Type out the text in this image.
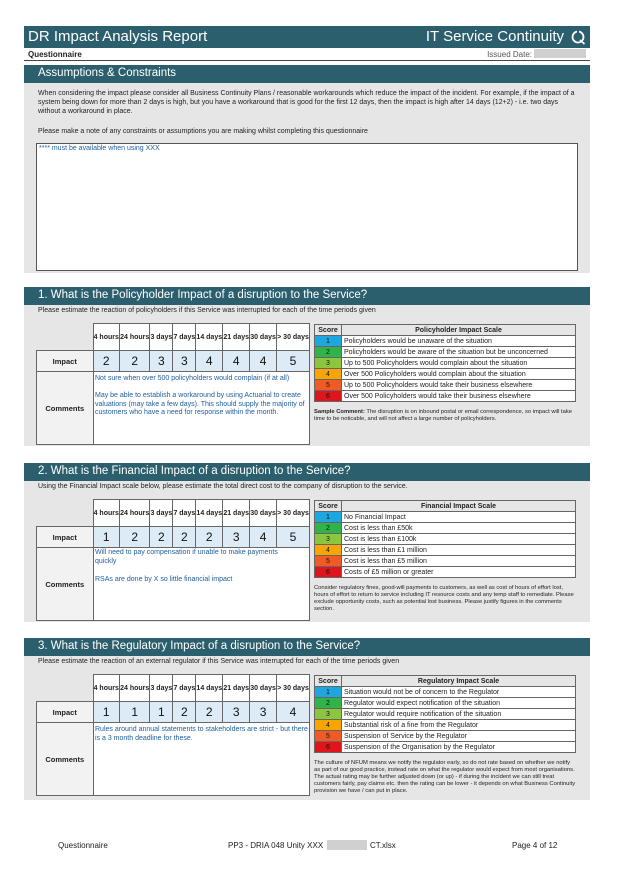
DR Impact Analysis Report	IT Service Continuity
Questionnaire	Issued Date:
Assumptions & Constraints
When considering the impact please consider all Business Continuity Plans / reasonable workarounds which reduce the impact of the incident. For example, if the impact of a system being down for more than 2 days is high, but you have a workaround that is good for the first 12 days, then the impact is high after 14 days (12+2) - i.e. two days without a workaround in place.
Please make a note of any constraints or assumptions you are making whilst completing this questionnaire
**** must be available when using XXX
1. What is the Policyholder Impact of a disruption to the Service?
Please estimate the reaction of policyholders if this Service was interrupted for each of the time periods given
	4 hours	24 hours	3 days	7 days	14 days	21 days	30 days	> 30 days
Impact	2	2	3	3	4	4	4	5
Comments								
Not sure when over 500 policyholders would complain (if at all)
May be able to establish a workaround by using Actuarial to create valuations (may take a few days). This should supply the majority of customers who have a need for response within the month.
Score	Policyholder Impact Scale
1	Policyholders would be unaware of the situation
2	Policyholders would be aware of the situation but be unconcerned
3	Up to 500 Policyholders would complain about the situation
4	Over 500 Policyholders would complain about the situation
5	Up to 500 Policyholders would take their business elsewhere
6	Over 500 Policyholders would take their business elsewhere
Sample Comment: The disruption is on inbound postal or email correspondence, so impact will take time to be noticable, and will not affect a large number of policyholders.
2. What is the Financial Impact of a disruption to the Service?
Using the Financial Impact scale below, please estimate the total direct cost to the company of disruption to the service.
	4 hours	24 hours	3 days	7 days	14 days	21 days	30 days	> 30 days
Impact	1	2	2	2	2	3	4	5
Comments								
Will need to pay compensation if unable to make payments quickly
RSAs are done by X so little financial impact
Score	Financial Impact Scale
1	No Financial Impact
2	Cost is less than £50k
3	Cost is less than £100k
4	Cost is less than £1 million
5	Cost is less than £5 million
6	Costs of £5 million or greater
Consider regulatory fines, good-will payments to customers, as well as cost of hours of effort lost, hours of effort to return to service including IT resource costs and any temp staff to remediate. Please exclude opportunity costs, such as potential lost business. Please justify figures in the comments section.
3. What is the Regulatory Impact of a disruption to the Service?
Please estimate the reaction of an external regulator if this Service was interrupted for each of the time periods given
	4 hours	24 hours	3 days	7 days	14 days	21 days	30 days	> 30 days
Impact	1	1	1	2	2	3	3	4
Comments								
Rules around annual statements to stakeholders are strict - but there is a 3 month deadline for these.
Score	Regulatory Impact Scale
1	Situation would not be of concern to the Regulator
2	Regulator would expect notification of the situation
3	Regulator would require notification of the situation
4	Substantial risk of a fine from the Regulator
5	Suspension of Service by the Regulator
6	Suspension of the Organisation by the Regulator
The culture of NFUM means we notify the regulator early, so do not rate based on whether we notify as part of our good practice, instead rate on what the regulator would expect from most organisations. The actual rating may be further adjusted down (or up) - if during the incident we can still treat customers fairly, pay claims etc. then the rating can be lower - it depends on what Business Continuity provision we have / can put in place.
Questionnaire	PP3 - DRIA 048 Unity XXX	CT.xlsx	Page 4 of 12
